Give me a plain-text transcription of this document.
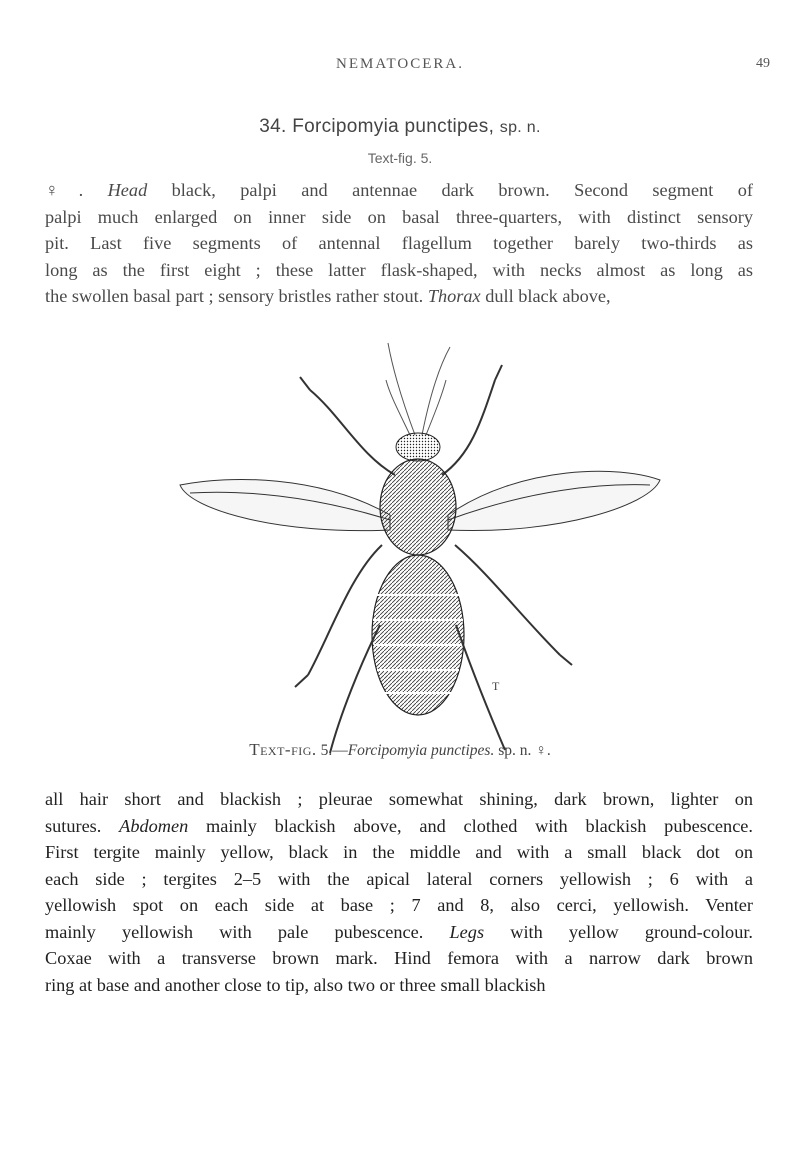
NEMATOCERA.	49
34. Forcipomyia punctipes, sp. n.
Text-fig. 5.
♀. Head black, palpi and antennae dark brown. Second segment of
palpi much enlarged on inner side on basal three-quarters, with distinct sensory
pit. Last five segments of antennal flagellum together barely two-thirds as
long as the first eight ; these latter flask-shaped, with necks almost as long as
the swollen basal part ; sensory bristles rather stout. Thorax dull black above,
T
Text-fig. 5.—Forcipomyia punctipes. sp. n. ♀.
all hair short and blackish ; pleurae somewhat shining, dark brown, lighter on
sutures. Abdomen mainly blackish above, and clothed with blackish pubescence.
First tergite mainly yellow, black in the middle and with a small black dot on
each side ; tergites 2–5 with the apical lateral corners yellowish ; 6 with a
yellowish spot on each side at base ; 7 and 8, also cerci, yellowish. Venter
mainly yellowish with pale pubescence. Legs with yellow ground-colour.
Coxae with a transverse brown mark. Hind femora with a narrow dark brown
ring at base and another close to tip, also two or three small blackish
